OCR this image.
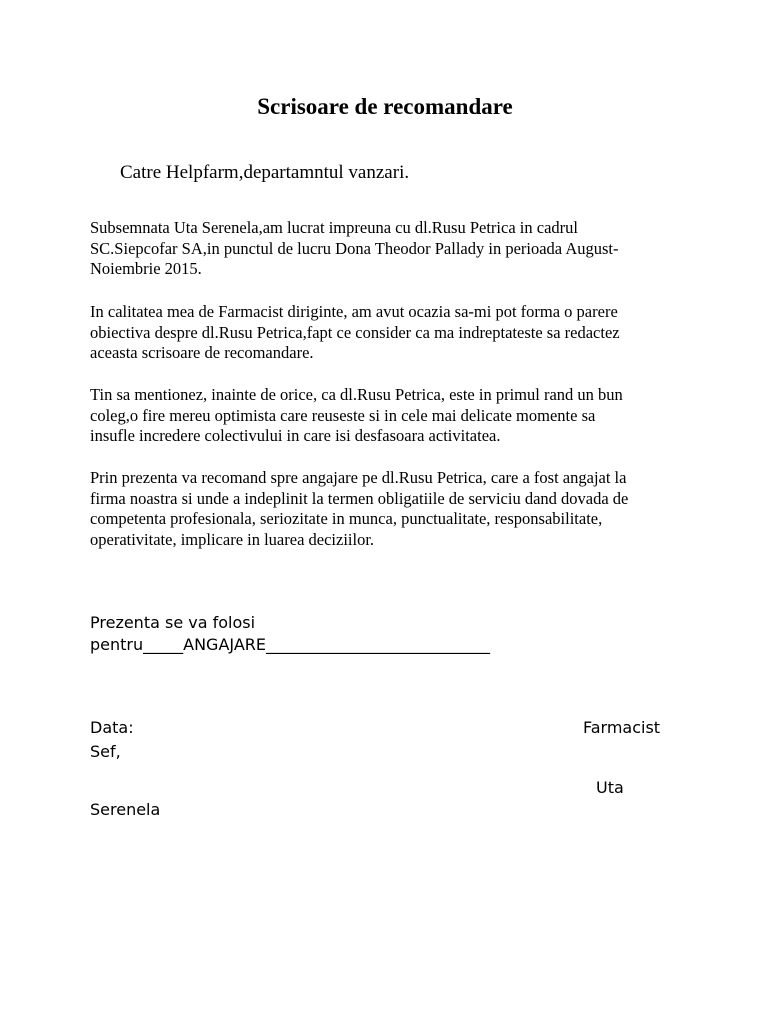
Scrisoare de recomandare
Catre Helpfarm,departamntul vanzari.
Subsemnata Uta Serenela,am lucrat impreuna cu dl.Rusu Petrica in cadrul
SC.Siepcofar SA,in punctul de lucru Dona Theodor Pallady in perioada August-
Noiembrie 2015.
In calitatea mea de Farmacist diriginte, am avut ocazia sa-mi pot forma o parere
obiectiva despre dl.Rusu Petrica,fapt ce consider ca ma indreptateste sa redactez
aceasta scrisoare de recomandare.
Tin sa mentionez, inainte de orice, ca dl.Rusu Petrica, este in primul rand un bun
coleg,o fire mereu optimista care reuseste si in cele mai delicate momente sa
insufle incredere colectivului in care isi desfasoara activitatea.
Prin prezenta va recomand spre angajare pe dl.Rusu Petrica, care a fost angajat la
firma noastra si unde a indeplinit la termen obligatiile de serviciu dand dovada de
competenta profesionala, seriozitate in munca, punctualitate, responsabilitate,
operativitate, implicare in luarea deciziilor.
Prezenta se va folosi
pentru_____ANGAJARE____________________________
Data:	Farmacist
Sef,
Uta
Serenela
